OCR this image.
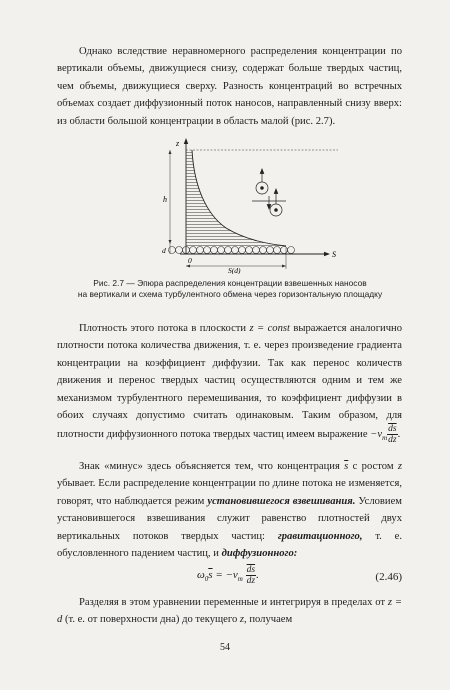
Однако вследствие неравномерного распределения концентрации по вертикали объемы, движущиеся снизу, содержат больше твердых частиц, чем объемы, движущиеся сверху. Разность концентраций во встречных объемах создает диффузионный поток наносов, направленный снизу вверх: из области большой концентрации в область малой (рис. 2.7).

z
h
d	S
0
S(d)
Рис. 2.7 — Эпюра распределения концентрации взвешенных наносов
на вертикали и схема турбулентного обмена через горизонтальную площадку

Плотность этого потока в плоскости z = const выражается аналогично плотности потока количества движения, т. е. через произведение градиента концентрации на коэффициент диффузии. Так как перенос количеств движения и перенос твердых частиц осуществляются одним и тем же механизмом турбулентного перемешивания, то коэффициент диффузии в обоих случаях допустимо считать одинаковым. Таким образом, для плотности диффузионного потока твердых частиц имеем выражение $-\nu_m \frac{\overline{ds}}{dz}$ .

Знак «минус» здесь объясняется тем, что концентрация $\overline{s}$ с ростом z убывает. Если распределение концентрации по длине потока не изменяется, говорят, что наблюдается режим установившегося взвешивания. Условием установившегося взвешивания служит равенство плотностей двух вертикальных потоков твердых частиц: гравитационного, т. е. обусловленного падением частиц, и диффузионного:

$\omega_0\overline{s} = -\nu_m \frac{\overline{ds}}{dz}$ .	(2.46)

Разделяя в этом уравнении переменные и интегрируя в пределах от z = d (т. е. от поверхности дна) до текущего z, получаем

54
